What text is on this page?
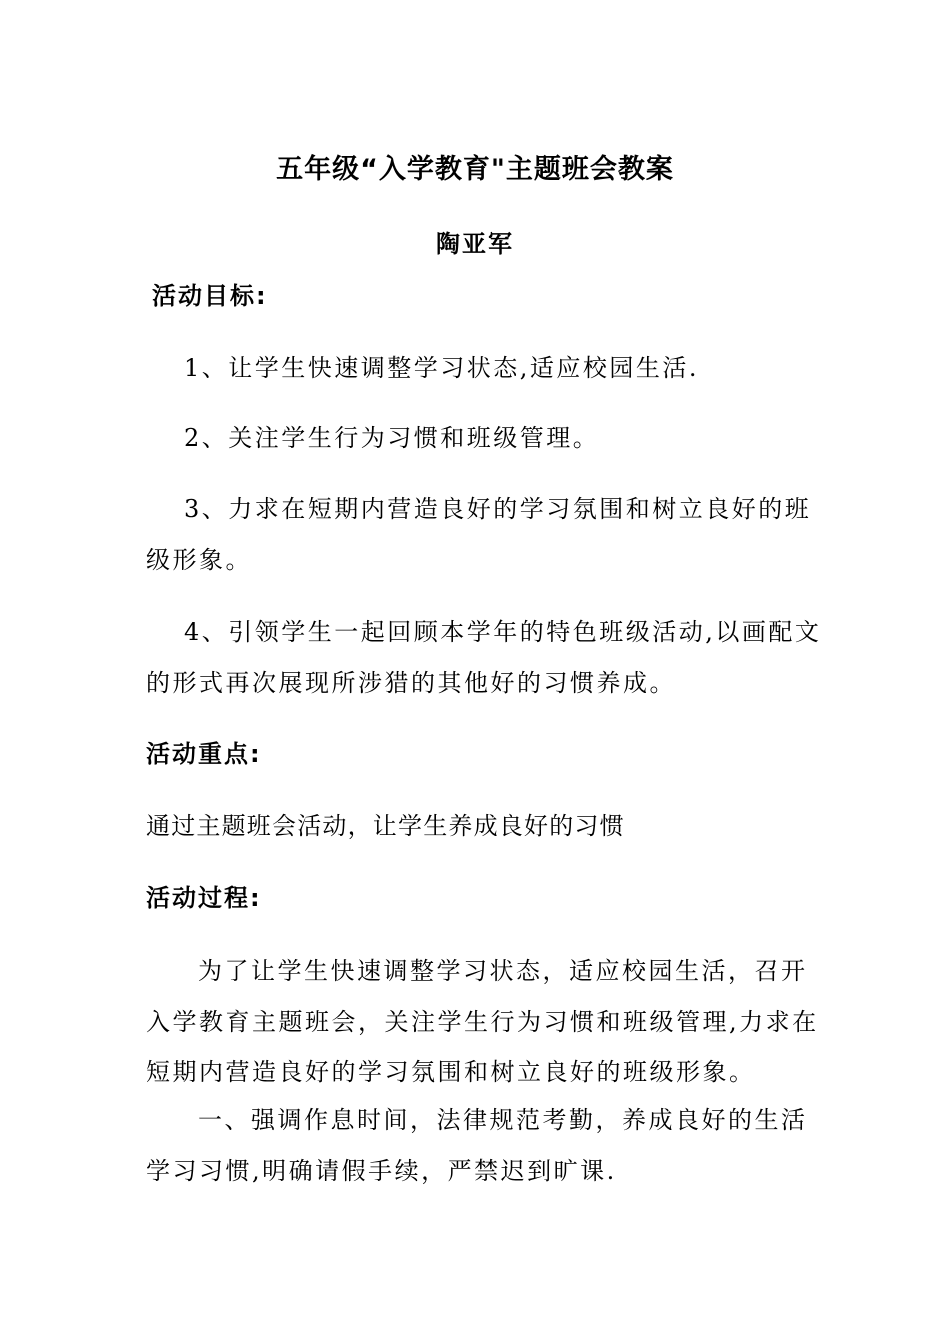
五年级“入学教育"主题班会教案
陶亚军
活动目标:
1、让学生快速调整学习状态,适应校园生活.
2、关注学生行为习惯和班级管理。
3、力求在短期内营造良好的学习氛围和树立良好的班
级形象。
4、引领学生一起回顾本学年的特色班级活动,以画配文
的形式再次展现所涉猎的其他好的习惯养成。
活动重点:
通过主题班会活动，让学生养成良好的习惯
活动过程:
为了让学生快速调整学习状态，适应校园生活，召开
入学教育主题班会，关注学生行为习惯和班级管理,力求在
短期内营造良好的学习氛围和树立良好的班级形象。
一、强调作息时间，法律规范考勤，养成良好的生活
学习习惯,明确请假手续，严禁迟到旷课.
